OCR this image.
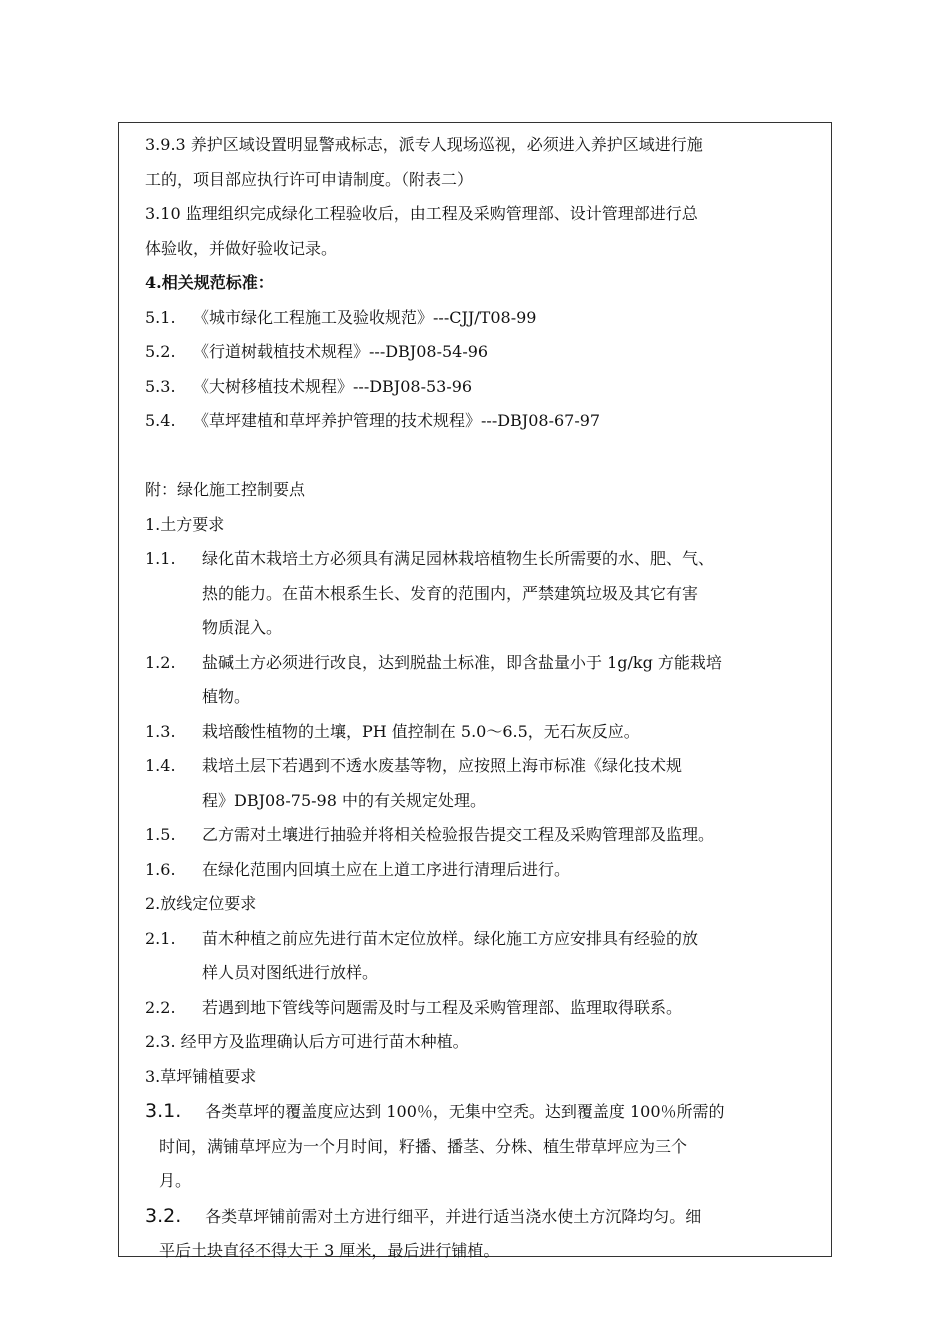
3.9.3 养护区域设置明显警戒标志，派专人现场巡视，必须进入养护区域进行施

工的，项目部应执行许可申请制度。（附表二）

3.10 监理组织完成绿化工程验收后，由工程及采购管理部、设计管理部进行总

体验收，并做好验收记录。

4.相关规范标准：

5.1.	《城市绿化工程施工及验收规范》---CJJ/T08-99
5.2.	《行道树载植技术规程》---DBJ08-54-96
5.3.	《大树移植技术规程》---DBJ08-53-96
5.4.	《草坪建植和草坪养护管理的技术规程》---DBJ08-67-97

附：绿化施工控制要点

1.土方要求

1.1.	绿化苗木栽培土方必须具有满足园林栽培植物生长所需要的水、肥、气、

热的能力。在苗木根系生长、发育的范围内，严禁建筑垃圾及其它有害

物质混入。

1.2.	盐碱土方必须进行改良，达到脱盐土标准，即含盐量小于 1g/kg 方能栽培

植物。

1.3.	栽培酸性植物的土壤，PH 值控制在 5.0～6.5，无石灰反应。

1.4.	栽培土层下若遇到不透水废基等物，应按照上海市标准《绿化技术规

程》DBJ08-75-98 中的有关规定处理。

1.5.	乙方需对土壤进行抽验并将相关检验报告提交工程及采购管理部及监理。

1.6.	在绿化范围内回填土应在上道工序进行清理后进行。

2.放线定位要求

2.1.	苗木种植之前应先进行苗木定位放样。绿化施工方应安排具有经验的放

样人员对图纸进行放样。

2.2.	若遇到地下管线等问题需及时与工程及采购管理部、监理取得联系。

2.3. 经甲方及监理确认后方可进行苗木种植。

3.草坪铺植要求

3.1. 各类草坪的覆盖度应达到 100％，无集中空秃。达到覆盖度 100％所需的

时间，满铺草坪应为一个月时间，籽播、播茎、分株、植生带草坪应为三个

月。

3.2. 各类草坪铺前需对土方进行细平，并进行适当浇水使土方沉降均匀。细

平后土块直径不得大于 3 厘米，最后进行铺植。
